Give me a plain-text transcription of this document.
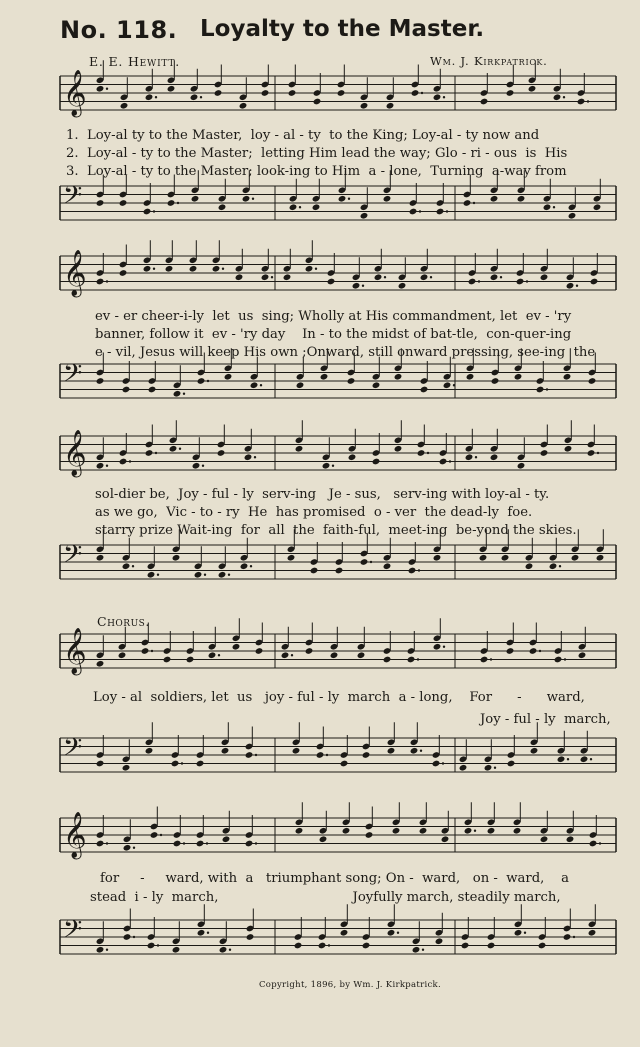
No. 118. Loyalty to the Master.
E. E. Hewitt.	Wm. J. Kirkpatrick.
𝄞

1.  Loy-al ty to the Master,  loy - al - ty  to the King; Loy-al - ty now and

2.  Loy-al - ty to the Master;  letting Him lead the way; Glo - ri - ous  is  His

3.  Loy-al - ty to the Master; look-ing to Him  a - lone,  Turning  a-way from

𝄢
𝄞

ev - er cheer-i-ly  let  us  sing; Wholly at His commandment, let  ev - 'ry

banner, follow it  ev - 'ry day    In - to the midst of bat-tle,  con-quer-ing

e - vil, Jesus will keep His own ;Onward, still onward pressing, see-ing  the

𝄢
𝄞

sol-dier be,  Joy - ful - ly  serv-ing   Je - sus,   serv-ing with loy-al - ty.

as we go,  Vic - to - ry  He  has promised  o - ver  the dead-ly  foe.

starry prize Wait-ing  for  all  the  faith-ful,  meet-ing  be-yond the skies.

𝄢
Chorus.
𝄞

Loy - al  soldiers, let  us   joy - ful - ly  march  a - long,    For      -      ward,

Joy - ful - ly  march,

𝄢
𝄞

for     -     ward, with  a   triumphant song; On -  ward,   on -  ward,    a

stead  i - ly  march,                                Joyfully march, steadily march,

𝄢
Copyright, 1896, by Wm. J. Kirkpatrick.
